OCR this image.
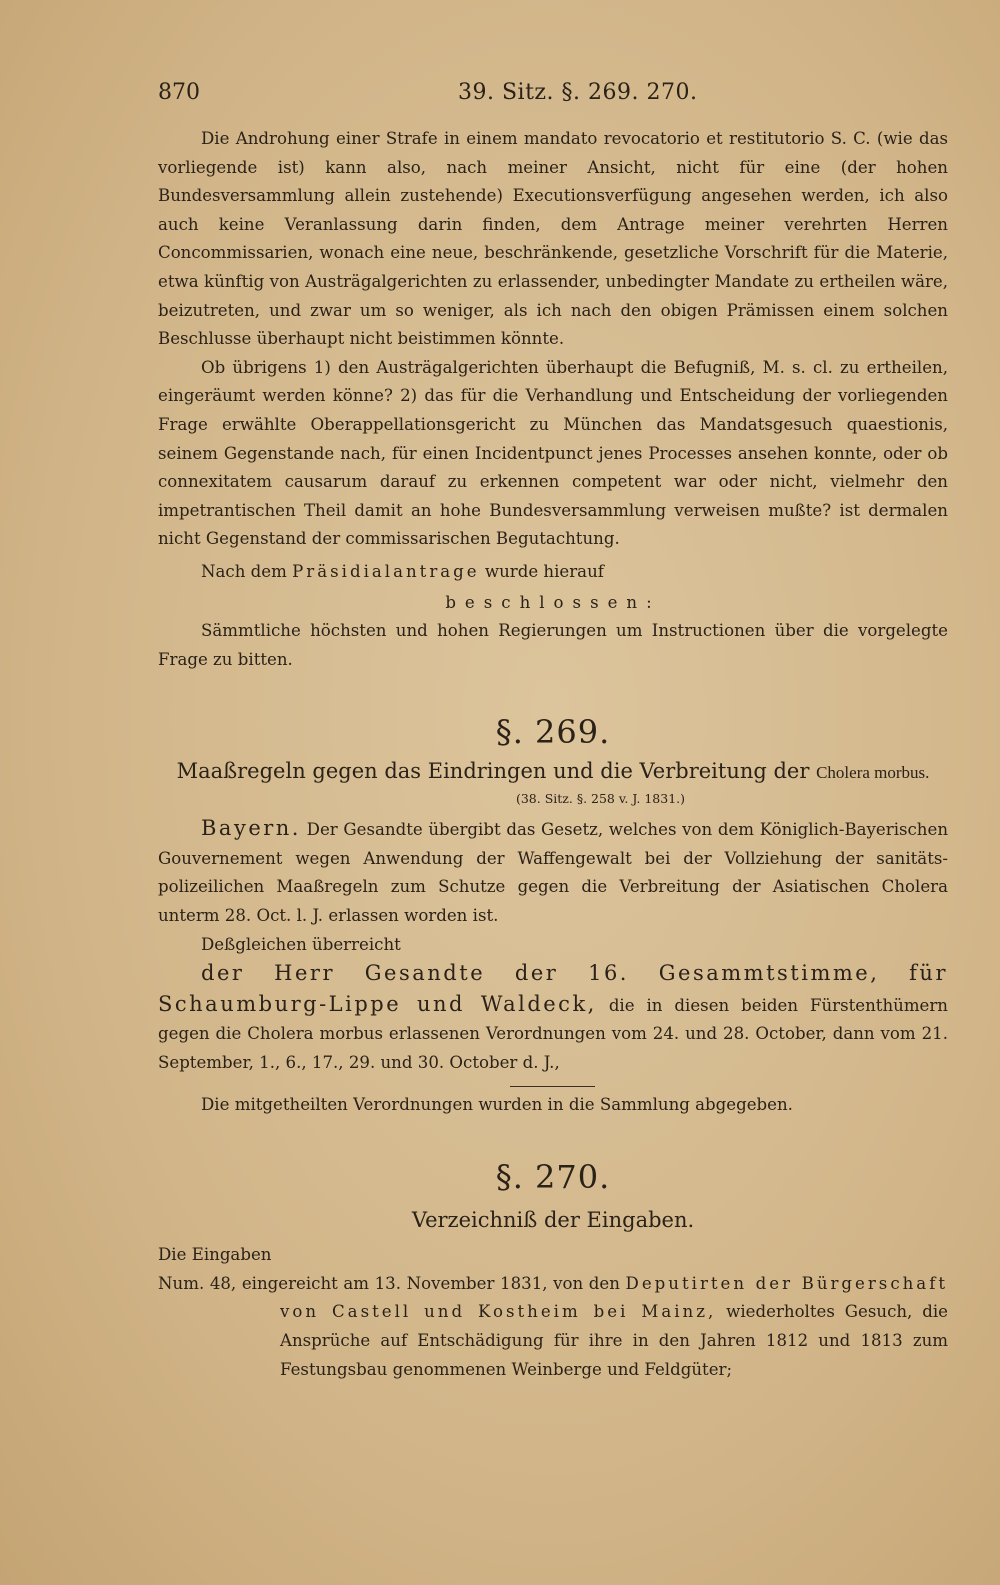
870	39. Sitz. §. 269. 270.

Die Androhung einer Strafe in einem mandato revocatorio et restitutorio S. C. (wie das vorliegende ist) kann also, nach meiner Ansicht, nicht für eine (der hohen Bundesversammlung allein zustehende) Executionsverfügung angesehen werden, ich also auch keine Veranlassung darin finden, dem Antrage meiner verehrten Herren Concommissarien, wonach eine neue, beschränkende, gesetzliche Vorschrift für die Materie, etwa künftig von Austrägalgerichten zu erlassender, unbedingter Mandate zu ertheilen wäre, beizutreten, und zwar um so weniger, als ich nach den obigen Prämissen einem solchen Beschlusse überhaupt nicht beistimmen könnte.

Ob übrigens 1) den Austrägalgerichten überhaupt die Befugniß, M. s. cl. zu ertheilen, eingeräumt werden könne? 2) das für die Verhandlung und Entscheidung der vorliegenden Frage erwählte Oberappellationsgericht zu München das Mandatsgesuch quaestionis, seinem Gegenstande nach, für einen Incidentpunct jenes Processes ansehen konnte, oder ob connexitatem causarum darauf zu erkennen competent war oder nicht, vielmehr den impetrantischen Theil damit an hohe Bundesversammlung verweisen mußte? ist dermalen nicht Gegenstand der commissarischen Begutachtung.

Nach dem Präsidialantrage wurde hierauf

beschlossen:

Sämmtliche höchsten und hohen Regierungen um Instructionen über die vorgelegte Frage zu bitten.

§. 269.

Maaßregeln gegen das Eindringen und die Verbreitung der Cholera morbus.

(38. Sitz. §. 258 v. J. 1831.)

Bayern. Der Gesandte übergibt das Gesetz, welches von dem Königlich-Bayerischen Gouvernement wegen Anwendung der Waffengewalt bei der Vollziehung der sanitäts-polizeilichen Maaßregeln zum Schutze gegen die Verbreitung der Asiatischen Cholera unterm 28. Oct. l. J. erlassen worden ist.

Deßgleichen überreicht

der Herr Gesandte der 16. Gesammtstimme, für Schaumburg-Lippe und Waldeck, die in diesen beiden Fürstenthümern gegen die Cholera morbus erlassenen Verordnungen vom 24. und 28. October, dann vom 21. September, 1., 6., 17., 29. und 30. October d. J.,

Die mitgetheilten Verordnungen wurden in die Sammlung abgegeben.

§. 270.

Verzeichniß der Eingaben.

Die Eingaben

Num. 48, eingereicht am 13. November 1831, von den Deputirten der Bürgerschaft von Castell und Kostheim bei Mainz, wiederholtes Gesuch, die Ansprüche auf Entschädigung für ihre in den Jahren 1812 und 1813 zum Festungsbau genommenen Weinberge und Feldgüter;
